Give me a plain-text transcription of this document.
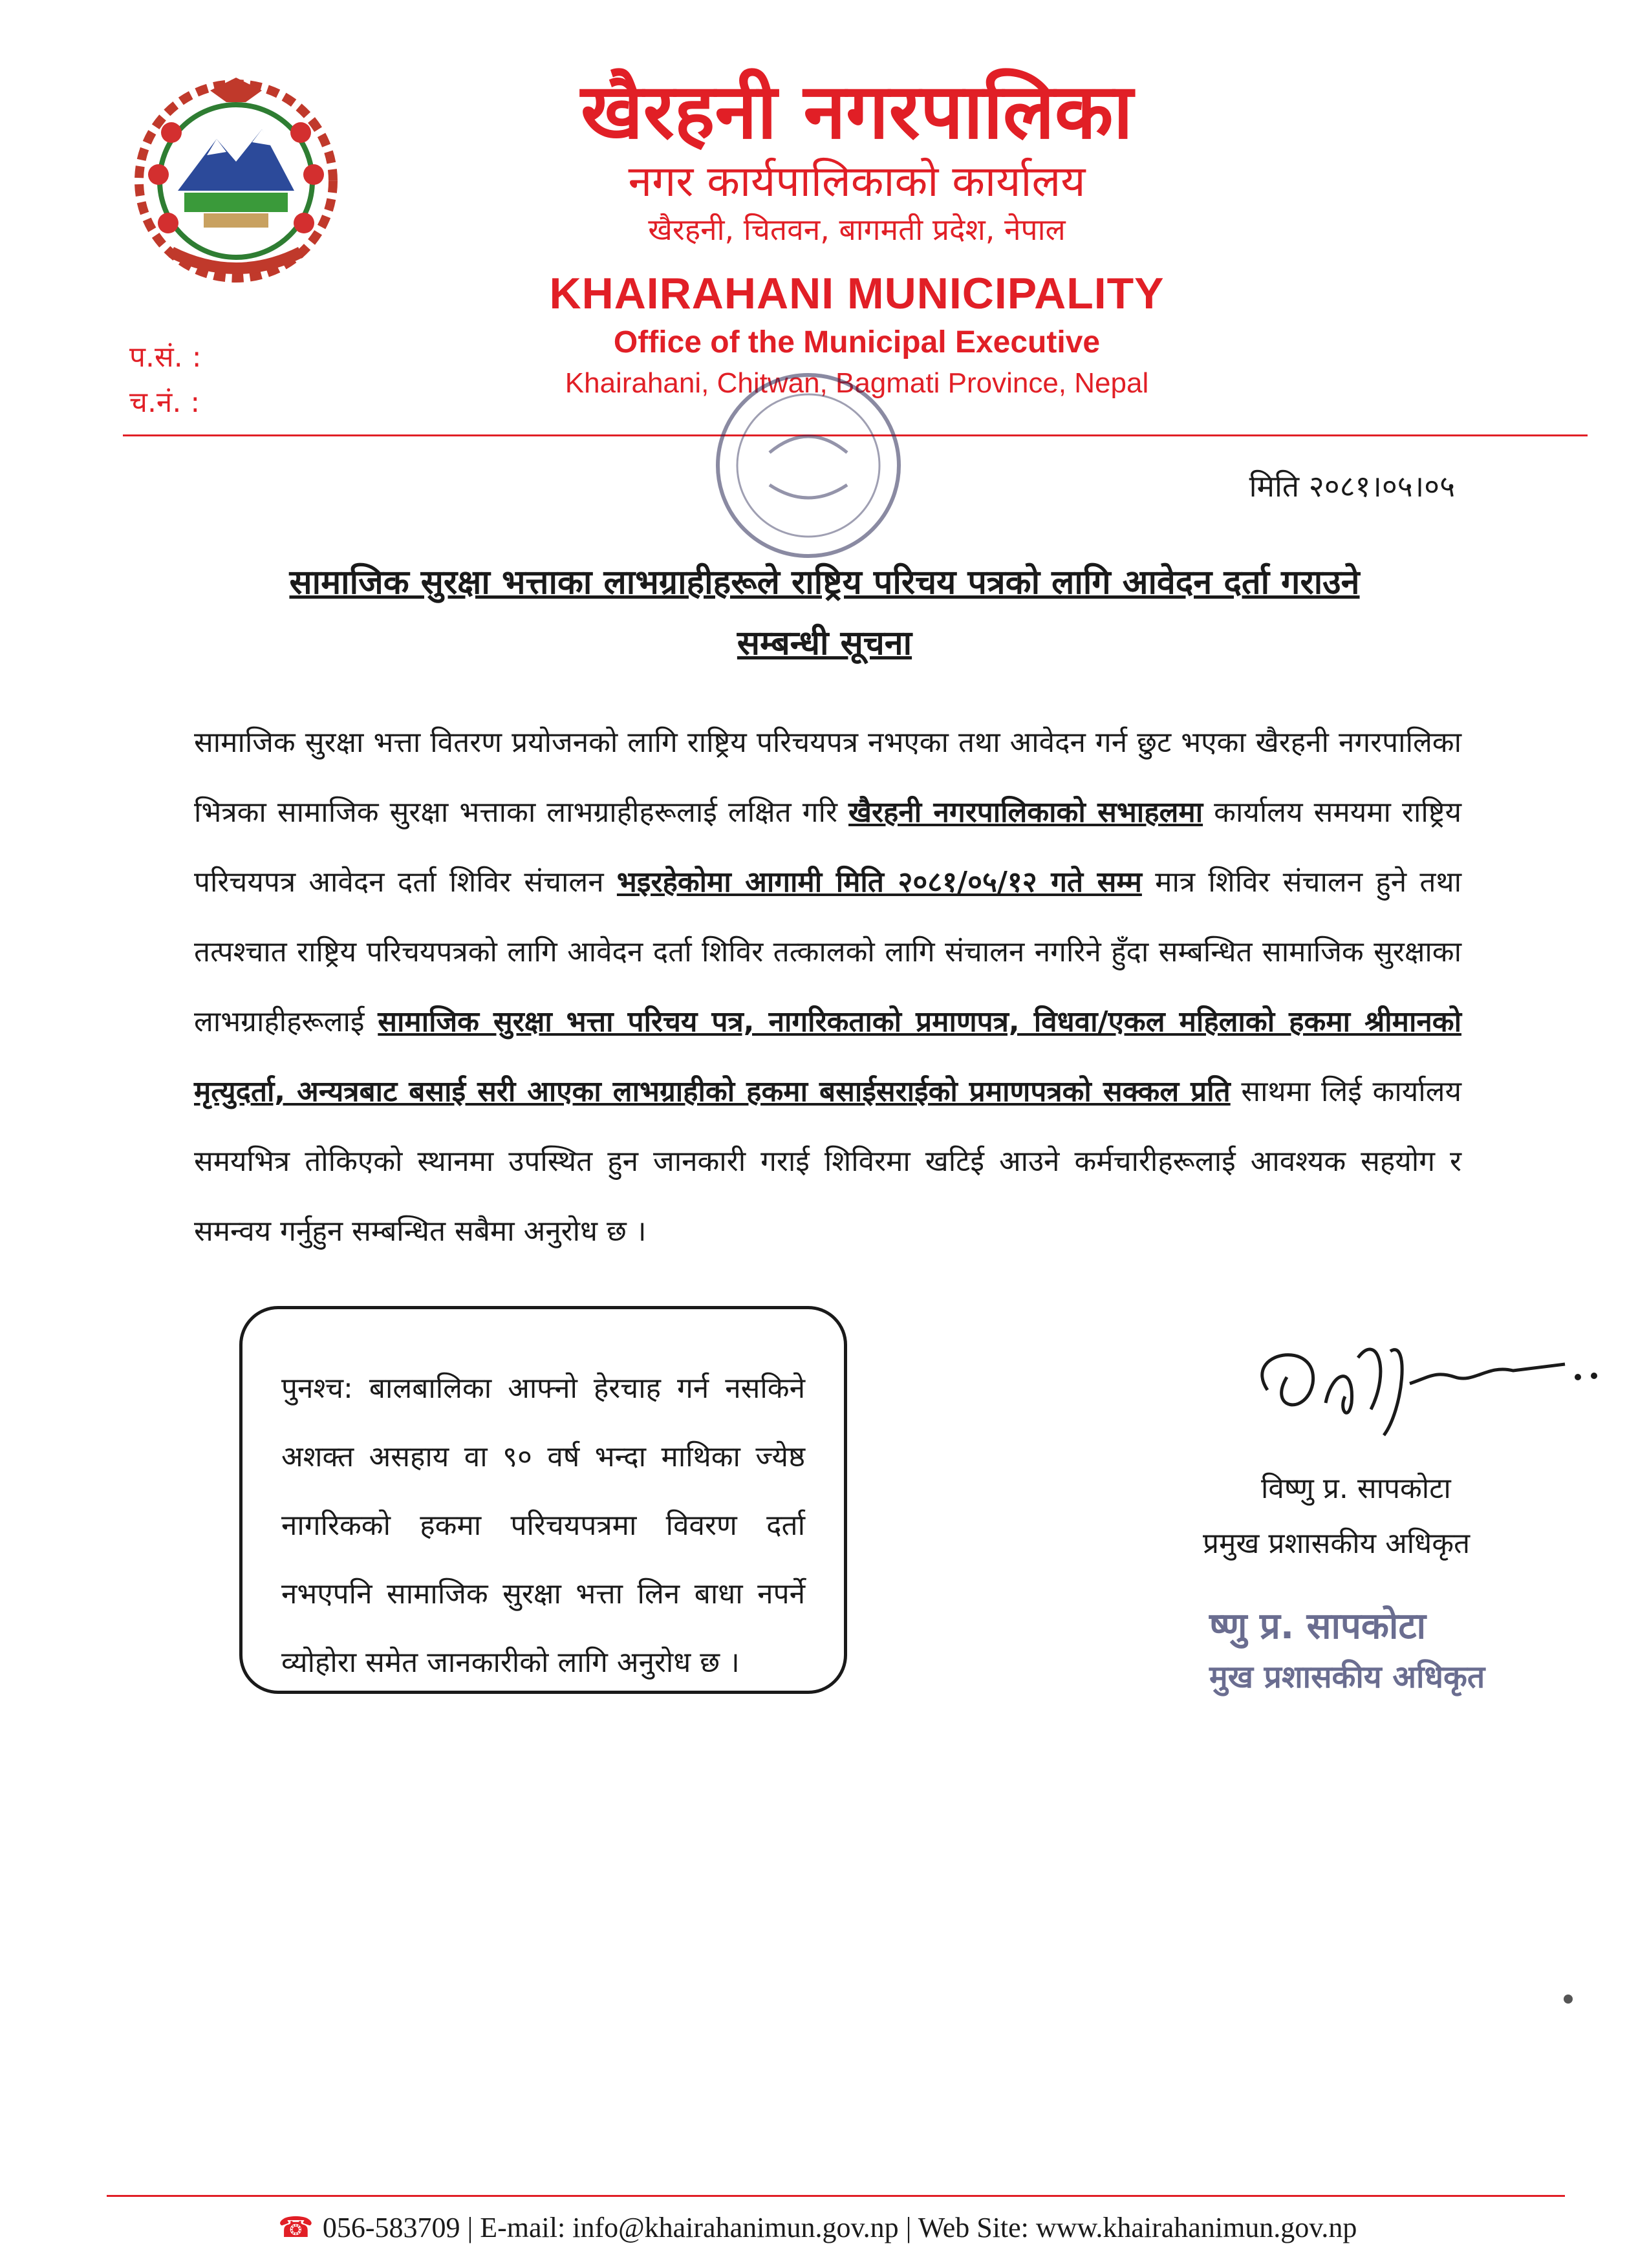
खैरहनी नगरपालिका
नगर कार्यपालिकाको कार्यालय
खैरहनी, चितवन, बागमती प्रदेश, नेपाल
KHAIRAHANI MUNICIPALITY
Office of the Municipal Executive
Khairahani, Chitwan, Bagmati Province, Nepal
प.सं. :
च.नं. :
मिति २०८१।०५।०५
सामाजिक सुरक्षा भत्ताका लाभग्राहीहरूले राष्ट्रिय परिचय पत्रको लागि आवेदन दर्ता गराउने
सम्बन्धी सूचना
सामाजिक सुरक्षा भत्ता वितरण प्रयोजनको लागि राष्ट्रिय परिचयपत्र नभएका तथा आवेदन गर्न छुट भएका खैरहनी नगरपालिका भित्रका सामाजिक सुरक्षा भत्ताका लाभग्राहीहरूलाई लक्षित गरि खैरहनी नगरपालिकाको सभाहलमा कार्यालय समयमा राष्ट्रिय परिचयपत्र आवेदन दर्ता शिविर संचालन भइरहेकोमा आगामी मिति २०८१/०५/१२ गते सम्म मात्र शिविर संचालन हुने तथा तत्पश्चात राष्ट्रिय परिचयपत्रको लागि आवेदन दर्ता शिविर तत्कालको लागि संचालन नगरिने हुँदा सम्बन्धित सामाजिक सुरक्षाका लाभग्राहीहरूलाई सामाजिक सुरक्षा भत्ता परिचय पत्र, नागरिकताको प्रमाणपत्र, विधवा/एकल महिलाको हकमा श्रीमानको मृत्युदर्ता, अन्यत्रबाट बसाई सरी आएका लाभग्राहीको हकमा बसाईसराईको प्रमाणपत्रको सक्कल प्रति साथमा लिई कार्यालय समयभित्र तोकिएको स्थानमा उपस्थित हुन जानकारी गराई शिविरमा खटिई आउने कर्मचारीहरूलाई आवश्यक सहयोग र समन्वय गर्नुहुन सम्बन्धित सबैमा अनुरोध छ ।
पुनश्च: बालबालिका आफ्नो हेरचाह गर्न नसकिने अशक्त असहाय वा ९० वर्ष भन्दा माथिका ज्येष्ठ नागरिकको हकमा परिचयपत्रमा विवरण दर्ता नभएपनि सामाजिक सुरक्षा भत्ता लिन बाधा नपर्ने व्योहोरा समेत जानकारीको लागि अनुरोध छ ।
विष्णु प्र. सापकोटा
प्रमुख प्रशासकीय अधिकृत
ष्णु प्र. सापकोटा
मुख प्रशासकीय अधिकृत
☎ 056-583709 | E-mail: info@khairahanimun.gov.np | Web Site: www.khairahanimun.gov.np
